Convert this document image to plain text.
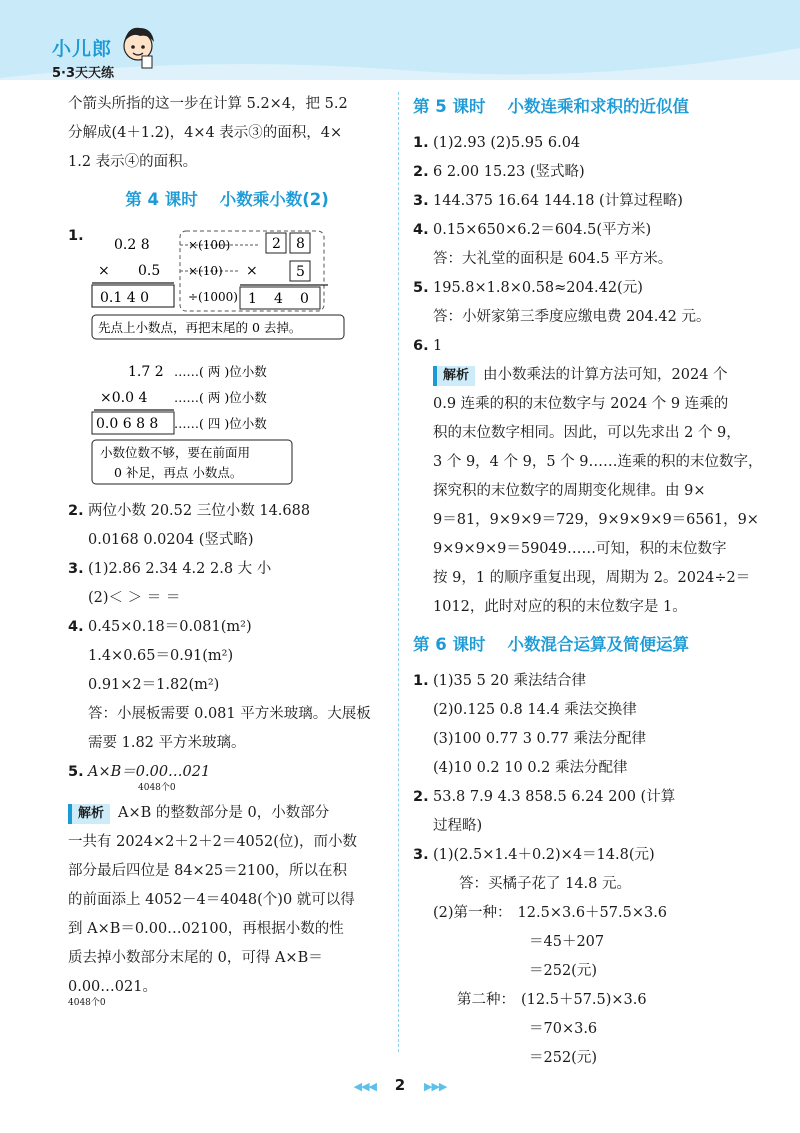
小儿郎
5·3天天练
个箭头所指的这一步在计算 5.2×4，把 5.2
分解成(4＋1.2)，4×4 表示③的面积，4×
1.2 表示④的面积。
第 4 课时 小数乘小数(2)
1.
0.2 8
× 0.5
0.1 4 0
×(100)
×(10) ×
÷(1000)
2 8
5
1 4 0
先点上小数点，再把末尾的 0 去掉。
1.7 2 ……( 两 )位小数
×0.0 4 ……( 两 )位小数
0.0 6 8 8 ……( 四 )位小数
小数位数不够，要在前面用
0 补足，再点 小数点。
2. 两位小数 20.52 三位小数 14.688
0.0168 0.0204 (竖式略)
3. (1)2.86 2.34 4.2 2.8 大 小
(2)＜ ＞ ＝ ＝
4. 0.45×0.18＝0.081(m²)
1.4×0.65＝0.91(m²)
0.91×2＝1.82(m²)
答：小展板需要 0.081 平方米玻璃。大展板
需要 1.82 平方米玻璃。
5. A×B＝0.00…021
4048个0
解析 A×B 的整数部分是 0，小数部分
一共有 2024×2＋2＋2＝4052(位)，而小数
部分最后四位是 84×25＝2100，所以在积
的前面添上 4052－4＝4048(个)0 就可以得
到 A×B＝0.00…02100，再根据小数的性
质去掉小数部分末尾的 0，可得 A×B＝
0.00…021。
4048个0
第 5 课时 小数连乘和求积的近似值
1. (1)2.93 (2)5.95 6.04
2. 6 2.00 15.23 (竖式略)
3. 144.375 16.64 144.18 (计算过程略)
4. 0.15×650×6.2＝604.5(平方米)
答：大礼堂的面积是 604.5 平方米。
5. 195.8×1.8×0.58≈204.42(元)
答：小妍家第三季度应缴电费 204.42 元。
6. 1
解析 由小数乘法的计算方法可知，2024 个
0.9 连乘的积的末位数字与 2024 个 9 连乘的
积的末位数字相同。因此，可以先求出 2 个 9，
3 个 9，4 个 9，5 个 9……连乘的积的末位数字，
探究积的末位数字的周期变化规律。由 9×
9＝81，9×9×9＝729，9×9×9×9＝6561，9×
9×9×9×9＝59049……可知，积的末位数字
按 9，1 的顺序重复出现，周期为 2。2024÷2＝
1012，此时对应的积的末位数字是 1。
第 6 课时 小数混合运算及简便运算
1. (1)35 5 20 乘法结合律
(2)0.125 0.8 14.4 乘法交换律
(3)100 0.77 3 0.77 乘法分配律
(4)10 0.2 10 0.2 乘法分配律
2. 53.8 7.9 4.3 858.5 6.24 200 (计算
过程略)
3. (1)(2.5×1.4＋0.2)×4＝14.8(元)
答：买橘子花了 14.8 元。
(2)第一种： 12.5×3.6＋57.5×3.6
＝45＋207
＝252(元)
第二种： (12.5＋57.5)×3.6
＝70×3.6
＝252(元)
◀◀◀ 2 ▶▶▶
